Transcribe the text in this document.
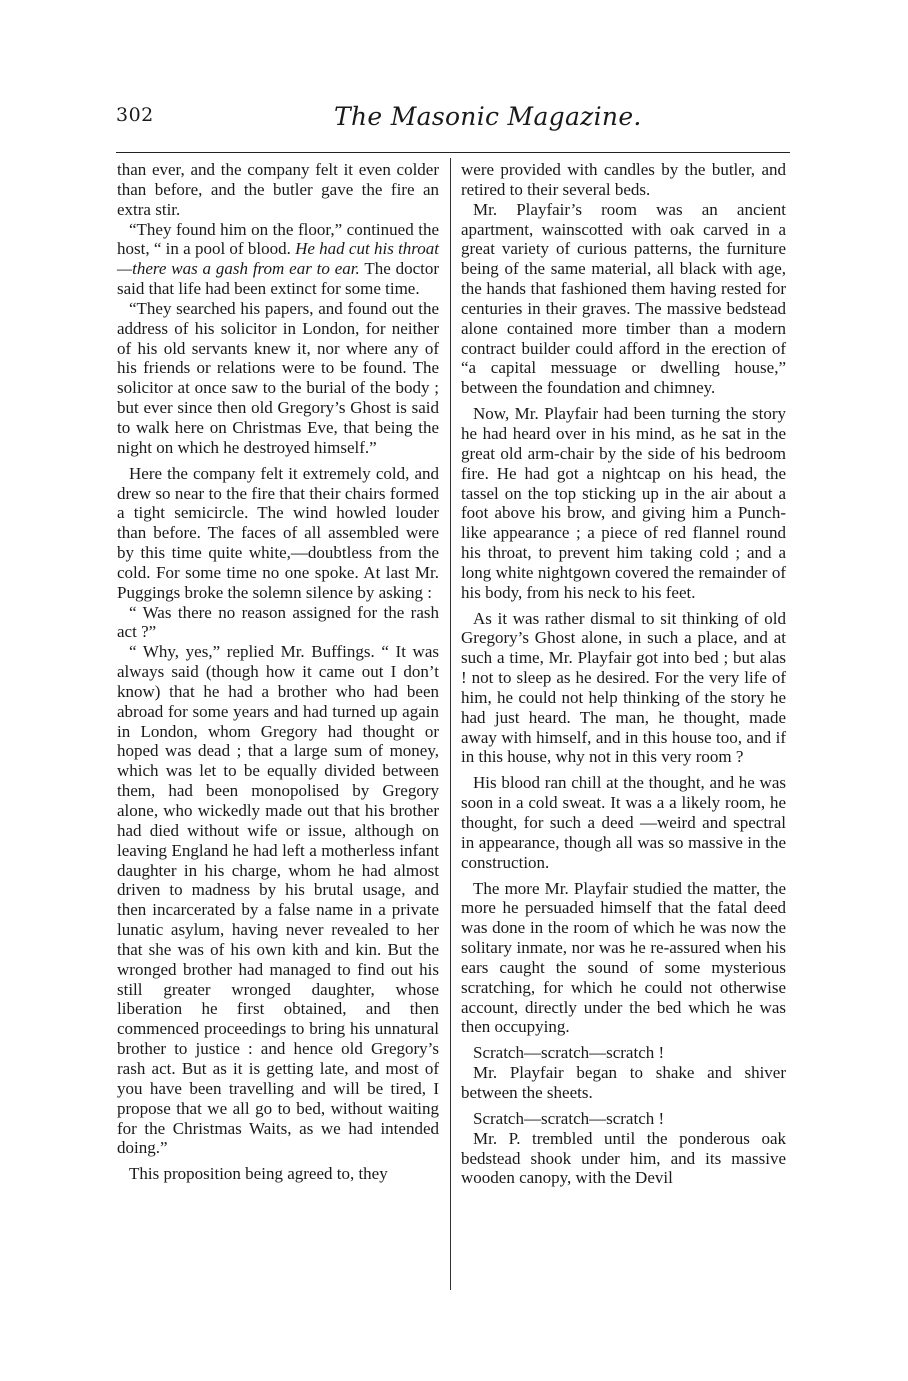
302	The Masonic Magazine.

than ever, and the company felt it even colder than before, and the butler gave the fire an extra stir.

“They found him on the floor,” continued the host, “ in a pool of blood. He had cut his throat—there was a gash from ear to ear. The doctor said that life had been extinct for some time.

“They searched his papers, and found out the address of his solicitor in London, for neither of his old servants knew it, nor where any of his friends or relations were to be found. The solicitor at once saw to the burial of the body ; but ever since then old Gregory’s Ghost is said to walk here on Christmas Eve, that being the night on which he destroyed himself.”

Here the company felt it extremely cold, and drew so near to the fire that their chairs formed a tight semicircle. The wind howled louder than before. The faces of all assembled were by this time quite white,—doubtless from the cold. For some time no one spoke. At last Mr. Puggings broke the solemn silence by asking :

“ Was there no reason assigned for the rash act ?”

“ Why, yes,” replied Mr. Buffings. “ It was always said (though how it came out I don’t know) that he had a brother who had been abroad for some years and had turned up again in London, whom Gregory had thought or hoped was dead ; that a large sum of money, which was let to be equally divided between them, had been monopolised by Gregory alone, who wickedly made out that his brother had died without wife or issue, although on leaving England he had left a motherless infant daughter in his charge, whom he had almost driven to madness by his brutal usage, and then incarcerated by a false name in a private lunatic asylum, having never revealed to her that she was of his own kith and kin. But the wronged brother had managed to find out his still greater wronged daughter, whose liberation he first obtained, and then commenced proceedings to bring his unnatural brother to justice : and hence old Gregory’s rash act. But as it is getting late, and most of you have been travelling and will be tired, I propose that we all go to bed, without waiting for the Christmas Waits, as we had intended doing.”

This proposition being agreed to, they

were provided with candles by the butler, and retired to their several beds.

Mr. Playfair’s room was an ancient apartment, wainscotted with oak carved in a great variety of curious patterns, the furniture being of the same material, all black with age, the hands that fashioned them having rested for centuries in their graves. The massive bedstead alone contained more timber than a modern contract builder could afford in the erection of “a capital messuage or dwelling house,” between the foundation and chimney.

Now, Mr. Playfair had been turning the story he had heard over in his mind, as he sat in the great old arm-chair by the side of his bedroom fire. He had got a nightcap on his head, the tassel on the top sticking up in the air about a foot above his brow, and giving him a Punch-like appearance ; a piece of red flannel round his throat, to prevent him taking cold ; and a long white nightgown covered the remainder of his body, from his neck to his feet.

As it was rather dismal to sit thinking of old Gregory’s Ghost alone, in such a place, and at such a time, Mr. Playfair got into bed ; but alas ! not to sleep as he desired. For the very life of him, he could not help thinking of the story he had just heard. The man, he thought, made away with himself, and in this house too, and if in this house, why not in this very room ?

His blood ran chill at the thought, and he was soon in a cold sweat. It was a a likely room, he thought, for such a deed —weird and spectral in appearance, though all was so massive in the construction.

The more Mr. Playfair studied the matter, the more he persuaded himself that the fatal deed was done in the room of which he was now the solitary inmate, nor was he re-assured when his ears caught the sound of some mysterious scratching, for which he could not otherwise account, directly under the bed which he was then occupying.

Scratch—scratch—scratch !

Mr. Playfair began to shake and shiver between the sheets.

Scratch—scratch—scratch !

Mr. P. trembled until the ponderous oak bedstead shook under him, and its massive wooden canopy, with the Devil
